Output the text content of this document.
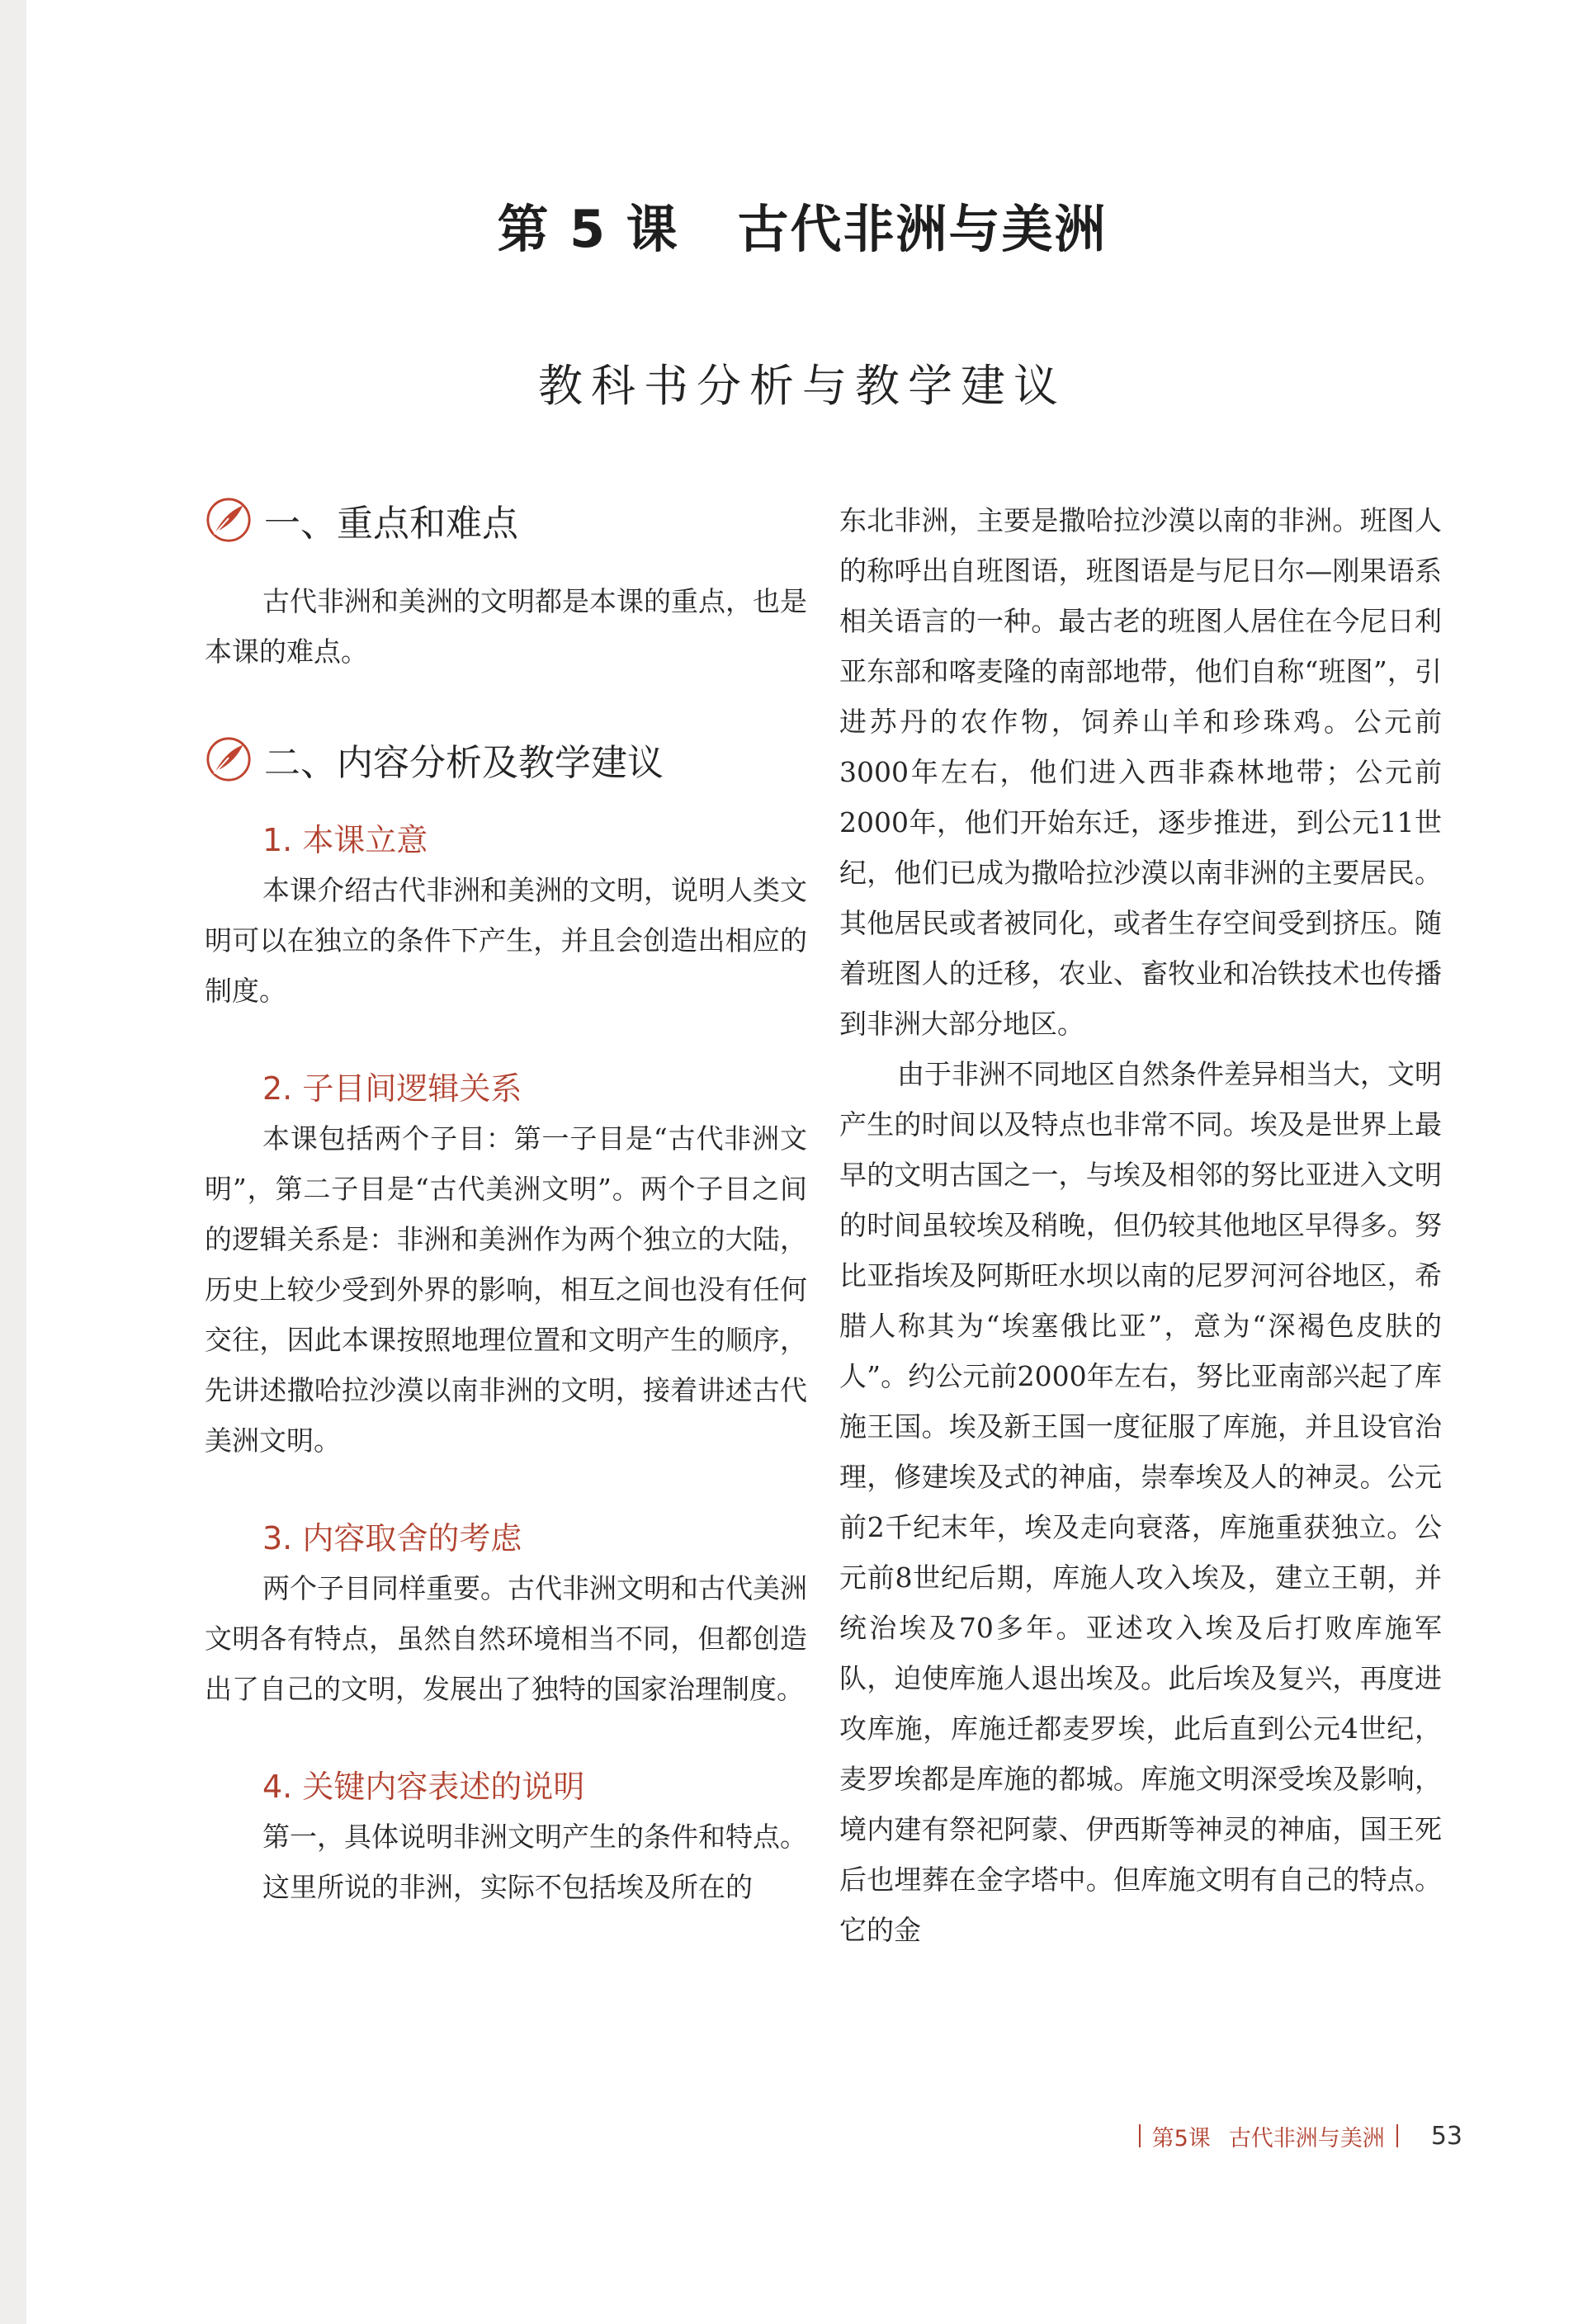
第 5 课   古代非洲与美洲
教科书分析与教学建议
一、重点和难点

古代非洲和美洲的文明都是本课的重点，也是本课的难点。

二、内容分析及教学建议
1. 本课立意

本课介绍古代非洲和美洲的文明，说明人类文明可以在独立的条件下产生，并且会创造出相应的制度。

2. 子目间逻辑关系

本课包括两个子目：第一子目是“古代非洲文明”，第二子目是“古代美洲文明”。两个子目之间的逻辑关系是：非洲和美洲作为两个独立的大陆，历史上较少受到外界的影响，相互之间也没有任何交往，因此本课按照地理位置和文明产生的顺序，先讲述撒哈拉沙漠以南非洲的文明，接着讲述古代美洲文明。

3. 内容取舍的考虑

两个子目同样重要。古代非洲文明和古代美洲文明各有特点，虽然自然环境相当不同，但都创造出了自己的文明，发展出了独特的国家治理制度。

4. 关键内容表述的说明

第一，具体说明非洲文明产生的条件和特点。

这里所说的非洲，实际不包括埃及所在的

东北非洲，主要是撒哈拉沙漠以南的非洲。班图人的称呼出自班图语，班图语是与尼日尔—刚果语系相关语言的一种。最古老的班图人居住在今尼日利亚东部和喀麦隆的南部地带，他们自称“班图”，引进苏丹的农作物，饲养山羊和珍珠鸡。公元前3000年左右，他们进入西非森林地带；公元前2000年，他们开始东迁，逐步推进，到公元11世纪，他们已成为撒哈拉沙漠以南非洲的主要居民。其他居民或者被同化，或者生存空间受到挤压。随着班图人的迁移，农业、畜牧业和冶铁技术也传播到非洲大部分地区。

由于非洲不同地区自然条件差异相当大，文明产生的时间以及特点也非常不同。埃及是世界上最早的文明古国之一，与埃及相邻的努比亚进入文明的时间虽较埃及稍晚，但仍较其他地区早得多。努比亚指埃及阿斯旺水坝以南的尼罗河河谷地区，希腊人称其为“埃塞俄比亚”，意为“深褐色皮肤的人”。约公元前2000年左右，努比亚南部兴起了库施王国。埃及新王国一度征服了库施，并且设官治理，修建埃及式的神庙，崇奉埃及人的神灵。公元前2千纪末年，埃及走向衰落，库施重获独立。公元前8世纪后期，库施人攻入埃及，建立王朝，并统治埃及70多年。亚述攻入埃及后打败库施军队，迫使库施人退出埃及。此后埃及复兴，再度进攻库施，库施迁都麦罗埃，此后直到公元4世纪，麦罗埃都是库施的都城。库施文明深受埃及影响，境内建有祭祀阿蒙、伊西斯等神灵的神庙，国王死后也埋葬在金字塔中。但库施文明有自己的特点。它的金

第5课 古代非洲与美洲 53
